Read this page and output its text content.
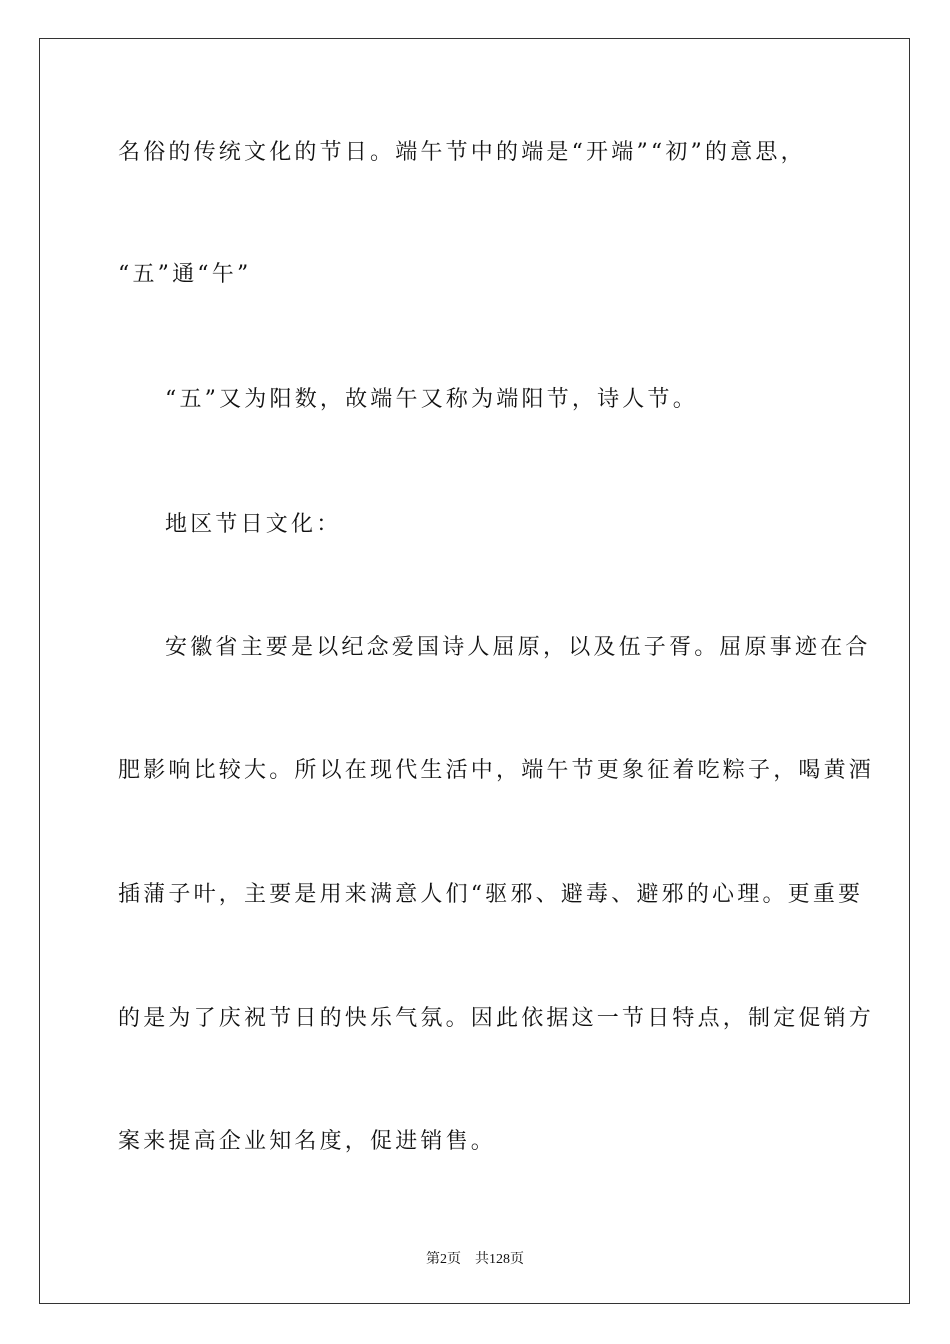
名俗的传统文化的节日。端午节中的端是“开端”“初”的意思，
“五”通“午”
“五”又为阳数，故端午又称为端阳节，诗人节。
地区节日文化：
安徽省主要是以纪念爱国诗人屈原，以及伍子胥。屈原事迹在合
肥影响比较大。所以在现代生活中，端午节更象征着吃粽子，喝黄酒
插蒲子叶，主要是用来满意人们“驱邪、避毒、避邪的心理。更重要
的是为了庆祝节日的快乐气氛。因此依据这一节日特点，制定促销方
案来提高企业知名度，促进销售。
第2页 共128页
